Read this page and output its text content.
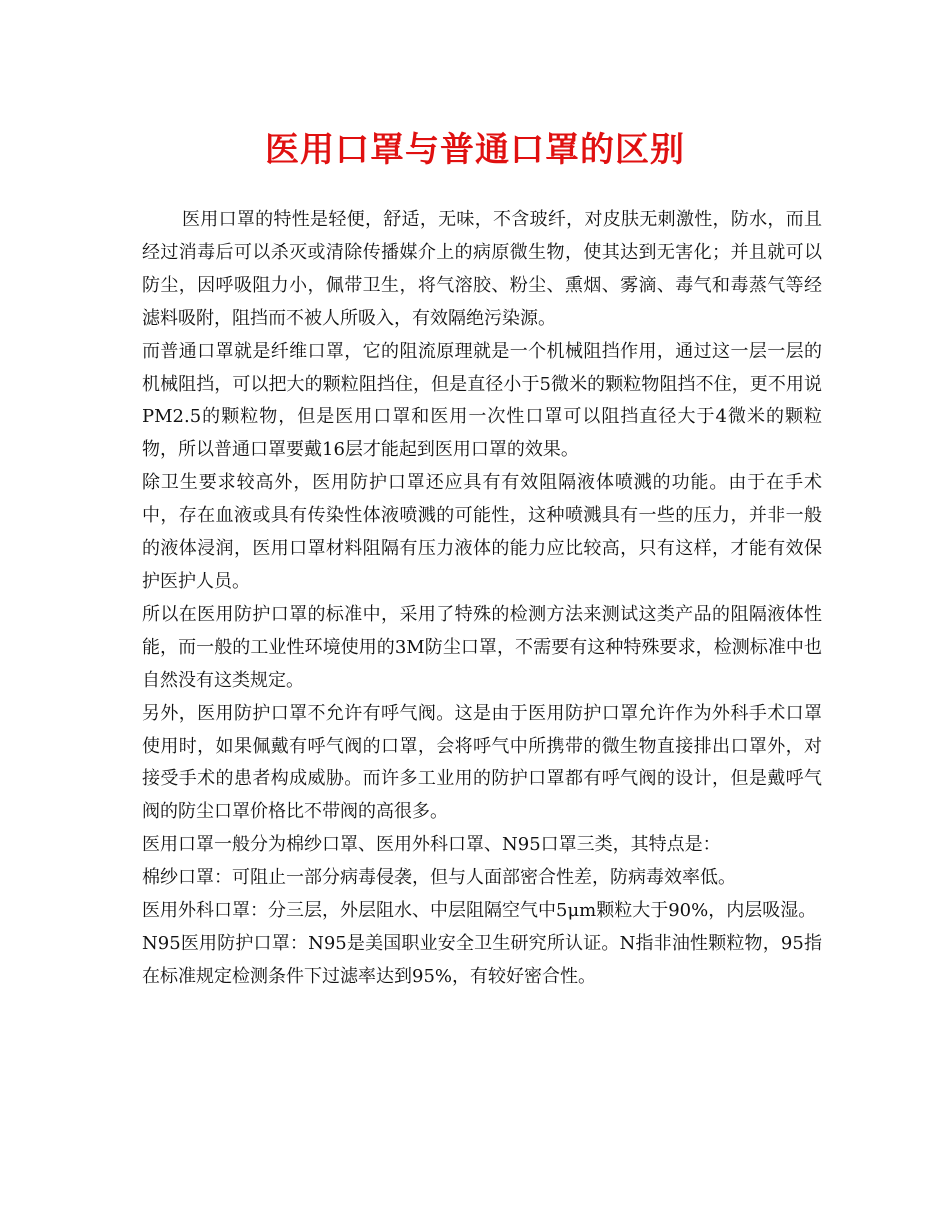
医用口罩与普通口罩的区别

医用口罩的特性是轻便，舒适，无味，不含玻纤，对皮肤无刺激性，防水，而且经过消毒后可以杀灭或清除传播媒介上的病原微生物，使其达到无害化；并且就可以防尘，因呼吸阻力小，佩带卫生，将气溶胶、粉尘、熏烟、雾滴、毒气和毒蒸气等经滤料吸附，阻挡而不被人所吸入，有效隔绝污染源。

而普通口罩就是纤维口罩，它的阻流原理就是一个机械阻挡作用，通过这一层一层的机械阻挡，可以把大的颗粒阻挡住，但是直径小于5微米的颗粒物阻挡不住，更不用说PM2.5的颗粒物，但是医用口罩和医用一次性口罩可以阻挡直径大于4微米的颗粒物，所以普通口罩要戴16层才能起到医用口罩的效果。

除卫生要求较高外，医用防护口罩还应具有有效阻隔液体喷溅的功能。由于在手术中，存在血液或具有传染性体液喷溅的可能性，这种喷溅具有一些的压力，并非一般的液体浸润，医用口罩材料阻隔有压力液体的能力应比较高，只有这样，才能有效保护医护人员。

所以在医用防护口罩的标准中，采用了特殊的检测方法来测试这类产品的阻隔液体性能，而一般的工业性环境使用的3M防尘口罩，不需要有这种特殊要求，检测标准中也自然没有这类规定。

另外，医用防护口罩不允许有呼气阀。这是由于医用防护口罩允许作为外科手术口罩使用时，如果佩戴有呼气阀的口罩，会将呼气中所携带的微生物直接排出口罩外，对接受手术的患者构成威胁。而许多工业用的防护口罩都有呼气阀的设计，但是戴呼气阀的防尘口罩价格比不带阀的高很多。

医用口罩一般分为棉纱口罩、医用外科口罩、N95口罩三类，其特点是：

棉纱口罩：可阻止一部分病毒侵袭，但与人面部密合性差，防病毒效率低。

医用外科口罩：分三层，外层阻水、中层阻隔空气中5μm颗粒大于90%，内层吸湿。

N95医用防护口罩：N95是美国职业安全卫生研究所认证。N指非油性颗粒物，95指在标准规定检测条件下过滤率达到95%，有较好密合性。
